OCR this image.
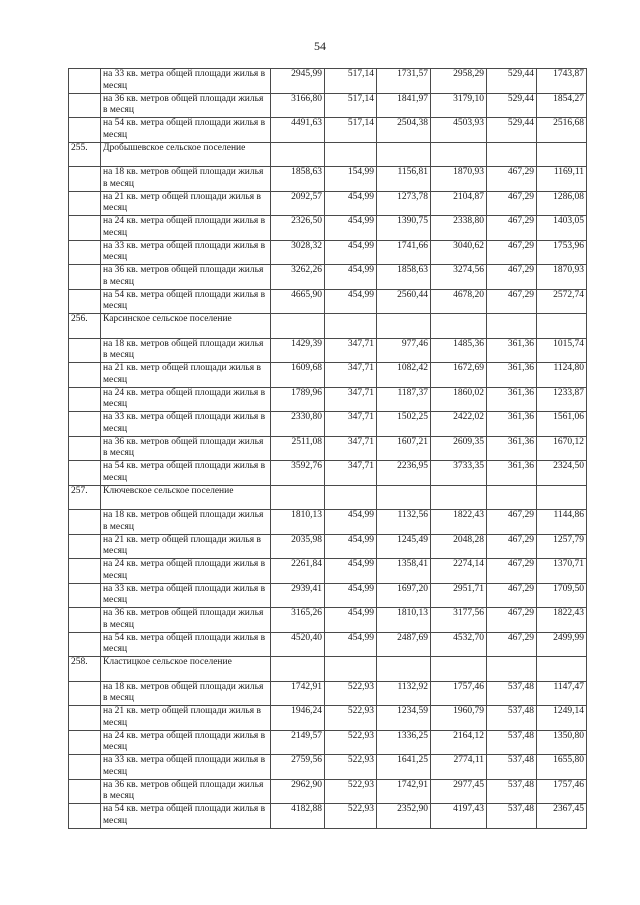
54
	на 33 кв. метра общей площади жилья в месяц	2945,99	517,14	1731,57	2958,29	529,44	1743,87
	на 36 кв. метров общей площади жилья в месяц	3166,80	517,14	1841,97	3179,10	529,44	1854,27
	на 54 кв. метра общей площади жилья в месяц	4491,63	517,14	2504,38	4503,93	529,44	2516,68
255.	Дробышевское сельское поселение						
	на 18 кв. метров общей площади жилья в месяц	1858,63	154,99	1156,81	1870,93	467,29	1169,11
	на 21 кв. метр общей площади жилья в месяц	2092,57	454,99	1273,78	2104,87	467,29	1286,08
	на 24 кв. метра общей площади жилья в месяц	2326,50	454,99	1390,75	2338,80	467,29	1403,05
	на 33 кв. метра общей площади жилья в месяц	3028,32	454,99	1741,66	3040,62	467,29	1753,96
	на 36 кв. метров общей площади жилья в месяц	3262,26	454,99	1858,63	3274,56	467,29	1870,93
	на 54 кв. метра общей площади жилья в месяц	4665,90	454,99	2560,44	4678,20	467,29	2572,74
256.	Карсинское сельское поселение						
	на 18 кв. метров общей площади жилья в месяц	1429,39	347,71	977,46	1485,36	361,36	1015,74
	на 21 кв. метр общей площади жилья в месяц	1609,68	347,71	1082,42	1672,69	361,36	1124,80
	на 24 кв. метра общей площади жилья в месяц	1789,96	347,71	1187,37	1860,02	361,36	1233,87
	на 33 кв. метра общей площади жилья в месяц	2330,80	347,71	1502,25	2422,02	361,36	1561,06
	на 36 кв. метров общей площади жилья в месяц	2511,08	347,71	1607,21	2609,35	361,36	1670,12
	на 54 кв. метра общей площади жилья в месяц	3592,76	347,71	2236,95	3733,35	361,36	2324,50
257.	Ключевское сельское поселение						
	на 18 кв. метров общей площади жилья в месяц	1810,13	454,99	1132,56	1822,43	467,29	1144,86
	на 21 кв. метр общей площади жилья в месяц	2035,98	454,99	1245,49	2048,28	467,29	1257,79
	на 24 кв. метра общей площади жилья в месяц	2261,84	454,99	1358,41	2274,14	467,29	1370,71
	на 33 кв. метра общей площади жилья в месяц	2939,41	454,99	1697,20	2951,71	467,29	1709,50
	на 36 кв. метров общей площади жилья в месяц	3165,26	454,99	1810,13	3177,56	467,29	1822,43
	на 54 кв. метра общей площади жилья в месяц	4520,40	454,99	2487,69	4532,70	467,29	2499,99
258.	Кластицкое сельское поселение						
	на 18 кв. метров общей площади жилья в месяц	1742,91	522,93	1132,92	1757,46	537,48	1147,47
	на 21 кв. метр общей площади жилья в месяц	1946,24	522,93	1234,59	1960,79	537,48	1249,14
	на 24 кв. метра общей площади жилья в месяц	2149,57	522,93	1336,25	2164,12	537,48	1350,80
	на 33 кв. метра общей площади жилья в месяц	2759,56	522,93	1641,25	2774,11	537,48	1655,80
	на 36 кв. метров общей площади жилья в месяц	2962,90	522,93	1742,91	2977,45	537,48	1757,46
	на 54 кв. метра общей площади жилья в месяц	4182,88	522,93	2352,90	4197,43	537,48	2367,45
